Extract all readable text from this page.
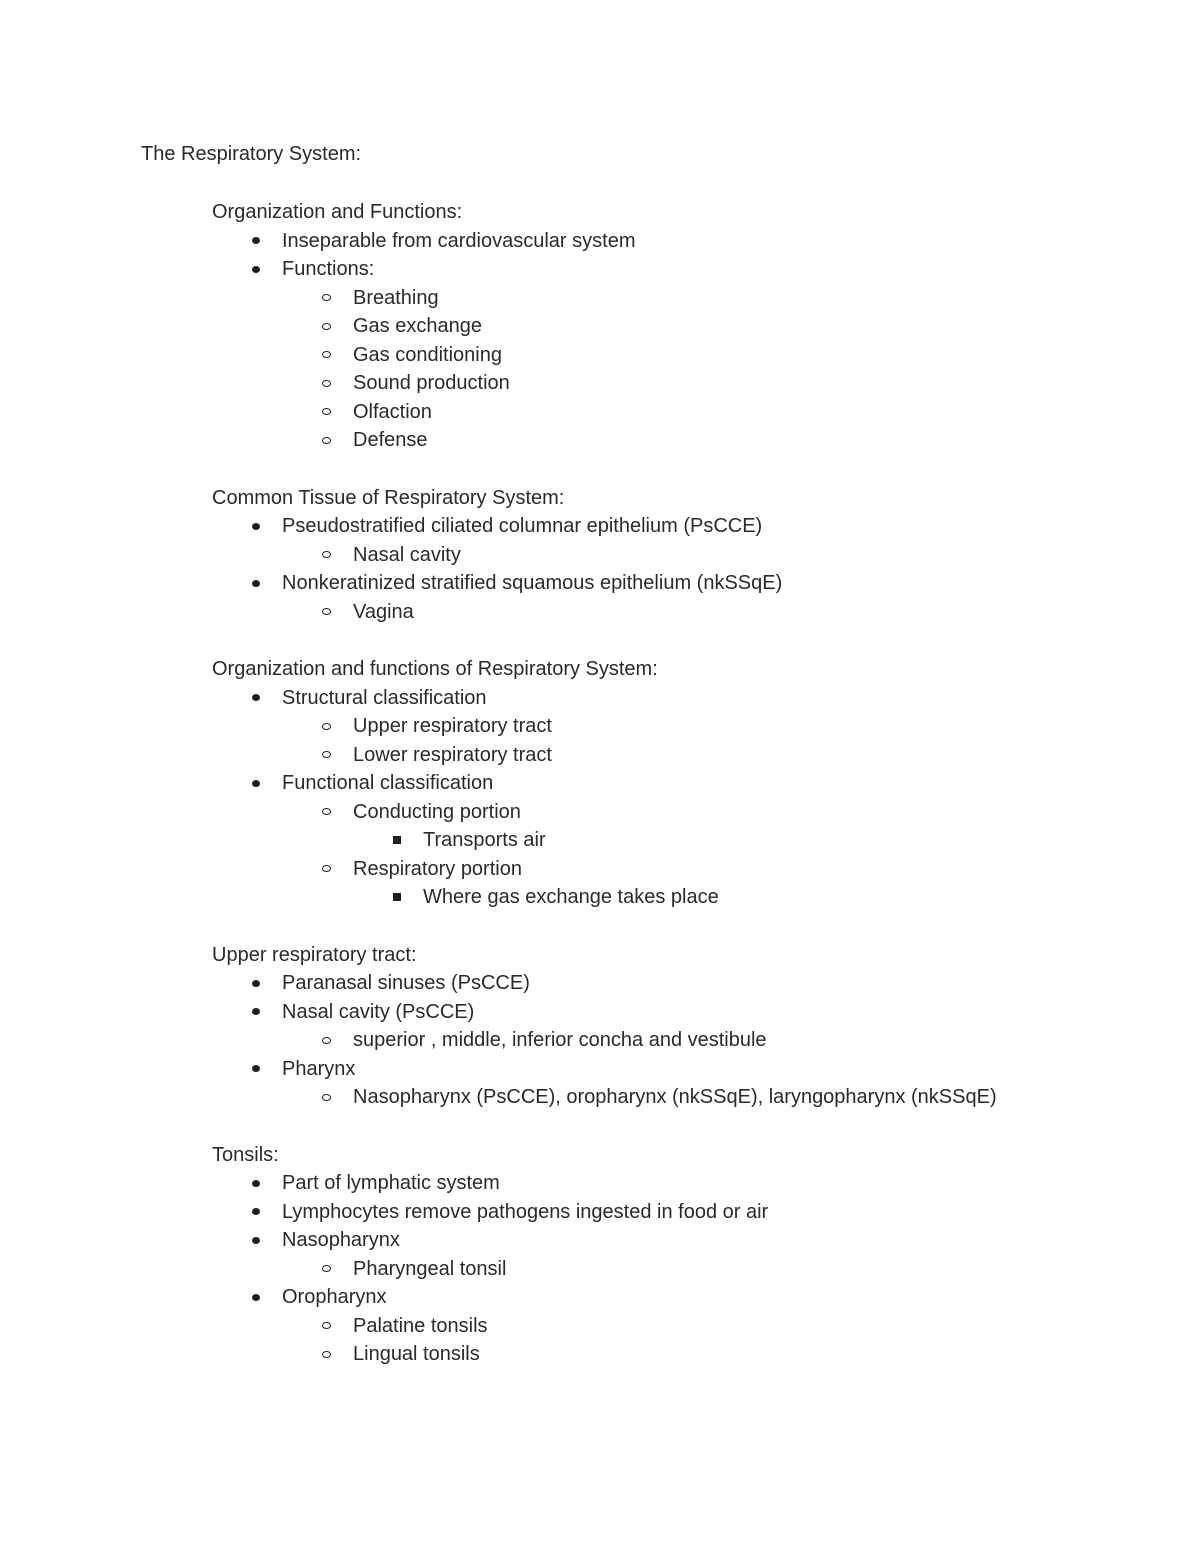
The Respiratory System:
Organization and Functions:
Inseparable from cardiovascular system
Functions:
Breathing
Gas exchange
Gas conditioning
Sound production
Olfaction
Defense
Common Tissue of Respiratory System:
Pseudostratified ciliated columnar epithelium (PsCCE)
Nasal cavity
Nonkeratinized stratified squamous epithelium (nkSSqE)
Vagina
Organization and functions of Respiratory System:
Structural classification
Upper respiratory tract
Lower respiratory tract
Functional classification
Conducting portion
Transports air
Respiratory portion
Where gas exchange takes place
Upper respiratory tract:
Paranasal sinuses (PsCCE)
Nasal cavity (PsCCE)
superior , middle, inferior concha and vestibule
Pharynx
Nasopharynx (PsCCE), oropharynx (nkSSqE), laryngopharynx (nkSSqE)
Tonsils:
Part of lymphatic system
Lymphocytes remove pathogens ingested in food or air
Nasopharynx
Pharyngeal tonsil
Oropharynx
Palatine tonsils
Lingual tonsils
